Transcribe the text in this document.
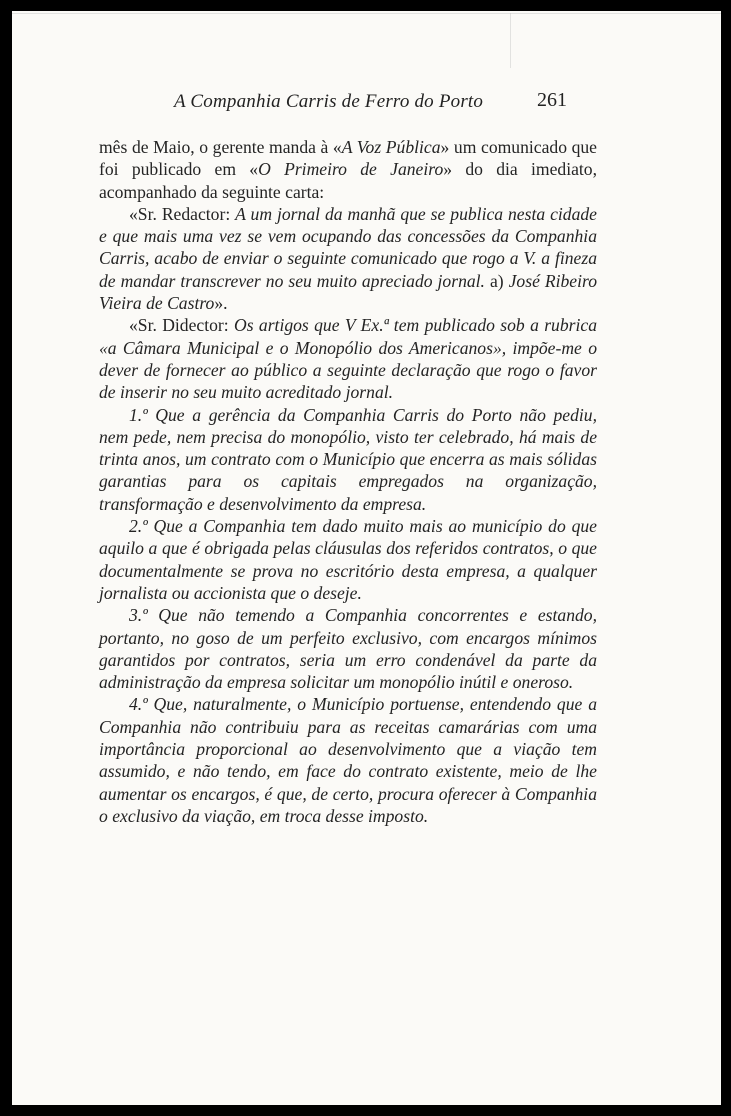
A Companhia Carris de Ferro do Porto	261

mês de Maio, o gerente manda à «A Voz Pública» um comunicado que foi publicado em «O Primeiro de Janeiro» do dia imediato, acompanhado da seguinte carta:

«Sr. Redactor: A um jornal da manhã que se publica nesta cidade e que mais uma vez se vem ocupando das concessões da Companhia Carris, acabo de enviar o seguinte comunicado que rogo a V. a fineza de mandar transcrever no seu muito apreciado jornal. a) José Ribeiro Vieira de Castro».

«Sr. Didector: Os artigos que V Ex.ª tem publicado sob a rubrica «a Câmara Municipal e o Monopólio dos Americanos», impõe-me o dever de fornecer ao público a seguinte declaração que rogo o favor de inserir no seu muito acreditado jornal.

1.º Que a gerência da Companhia Carris do Porto não pediu, nem pede, nem precisa do monopólio, visto ter celebrado, há mais de trinta anos, um contrato com o Município que encerra as mais sólidas garantias para os capitais empregados na organização, transformação e desenvolvimento da empresa.

2.º Que a Companhia tem dado muito mais ao município do que aquilo a que é obrigada pelas cláusulas dos referidos contratos, o que documentalmente se prova no escritório desta empresa, a qualquer jornalista ou accionista que o deseje.

3.º Que não temendo a Companhia concorrentes e estando, portanto, no goso de um perfeito exclusivo, com encargos mínimos garantidos por contratos, seria um erro condenável da parte da administração da empresa solicitar um monopólio inútil e oneroso.

4.º Que, naturalmente, o Município portuense, entendendo que a Companhia não contribuiu para as receitas camarárias com uma importância proporcional ao desenvolvimento que a viação tem assumido, e não tendo, em face do contrato existente, meio de lhe aumentar os encargos, é que, de certo, procura oferecer à Companhia o exclusivo da viação, em troca desse imposto.
